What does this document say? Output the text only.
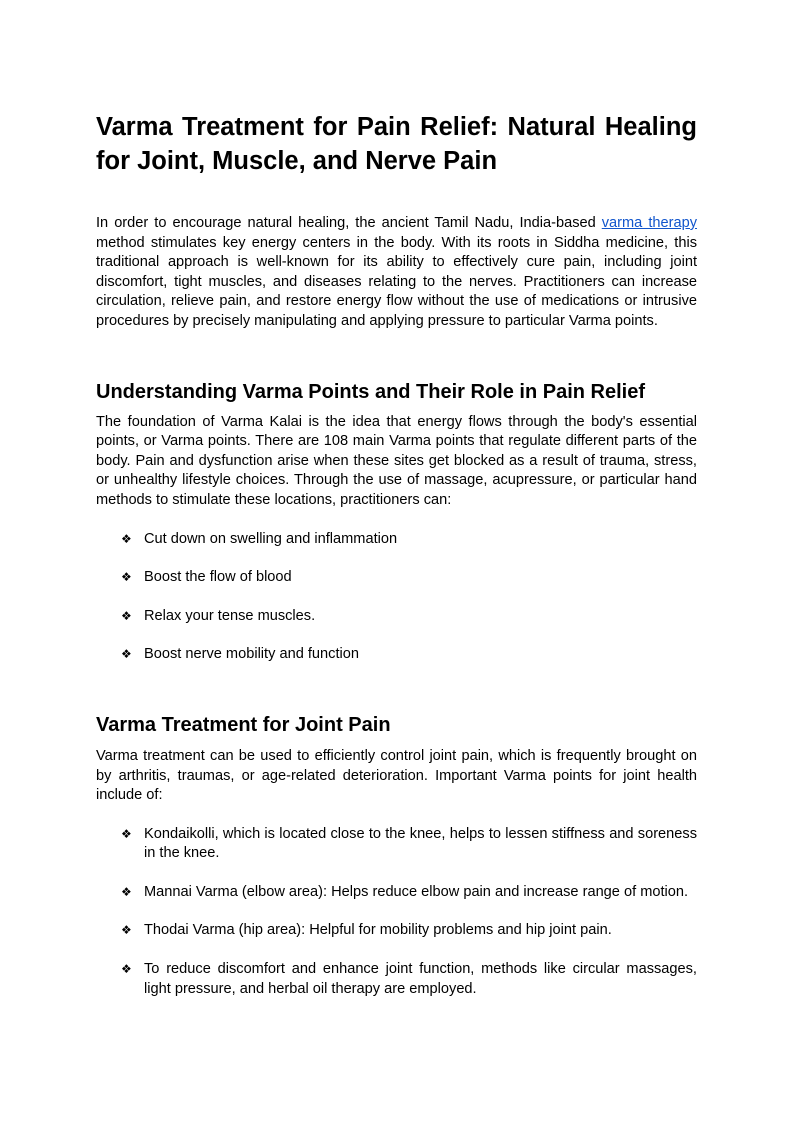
Varma Treatment for Pain Relief: Natural Healing for Joint, Muscle, and Nerve Pain

In order to encourage natural healing, the ancient Tamil Nadu, India-based varma therapy method stimulates key energy centers in the body. With its roots in Siddha medicine, this traditional approach is well-known for its ability to effectively cure pain, including joint discomfort, tight muscles, and diseases relating to the nerves. Practitioners can increase circulation, relieve pain, and restore energy flow without the use of medications or intrusive procedures by precisely manipulating and applying pressure to particular Varma points.

Understanding Varma Points and Their Role in Pain Relief

The foundation of Varma Kalai is the idea that energy flows through the body's essential points, or Varma points. There are 108 main Varma points that regulate different parts of the body. Pain and dysfunction arise when these sites get blocked as a result of trauma, stress, or unhealthy lifestyle choices. Through the use of massage, acupressure, or particular hand methods to stimulate these locations, practitioners can:

❖ Cut down on swelling and inflammation
❖ Boost the flow of blood
❖ Relax your tense muscles.
❖ Boost nerve mobility and function
Varma Treatment for Joint Pain

Varma treatment can be used to efficiently control joint pain, which is frequently brought on by arthritis, traumas, or age-related deterioration. Important Varma points for joint health include of:

❖ Kondaikolli, which is located close to the knee, helps to lessen stiffness and soreness in the knee.
❖ Mannai Varma (elbow area): Helps reduce elbow pain and increase range of motion.
❖ Thodai Varma (hip area): Helpful for mobility problems and hip joint pain.
❖ To reduce discomfort and enhance joint function, methods like circular massages, light pressure, and herbal oil therapy are employed.
